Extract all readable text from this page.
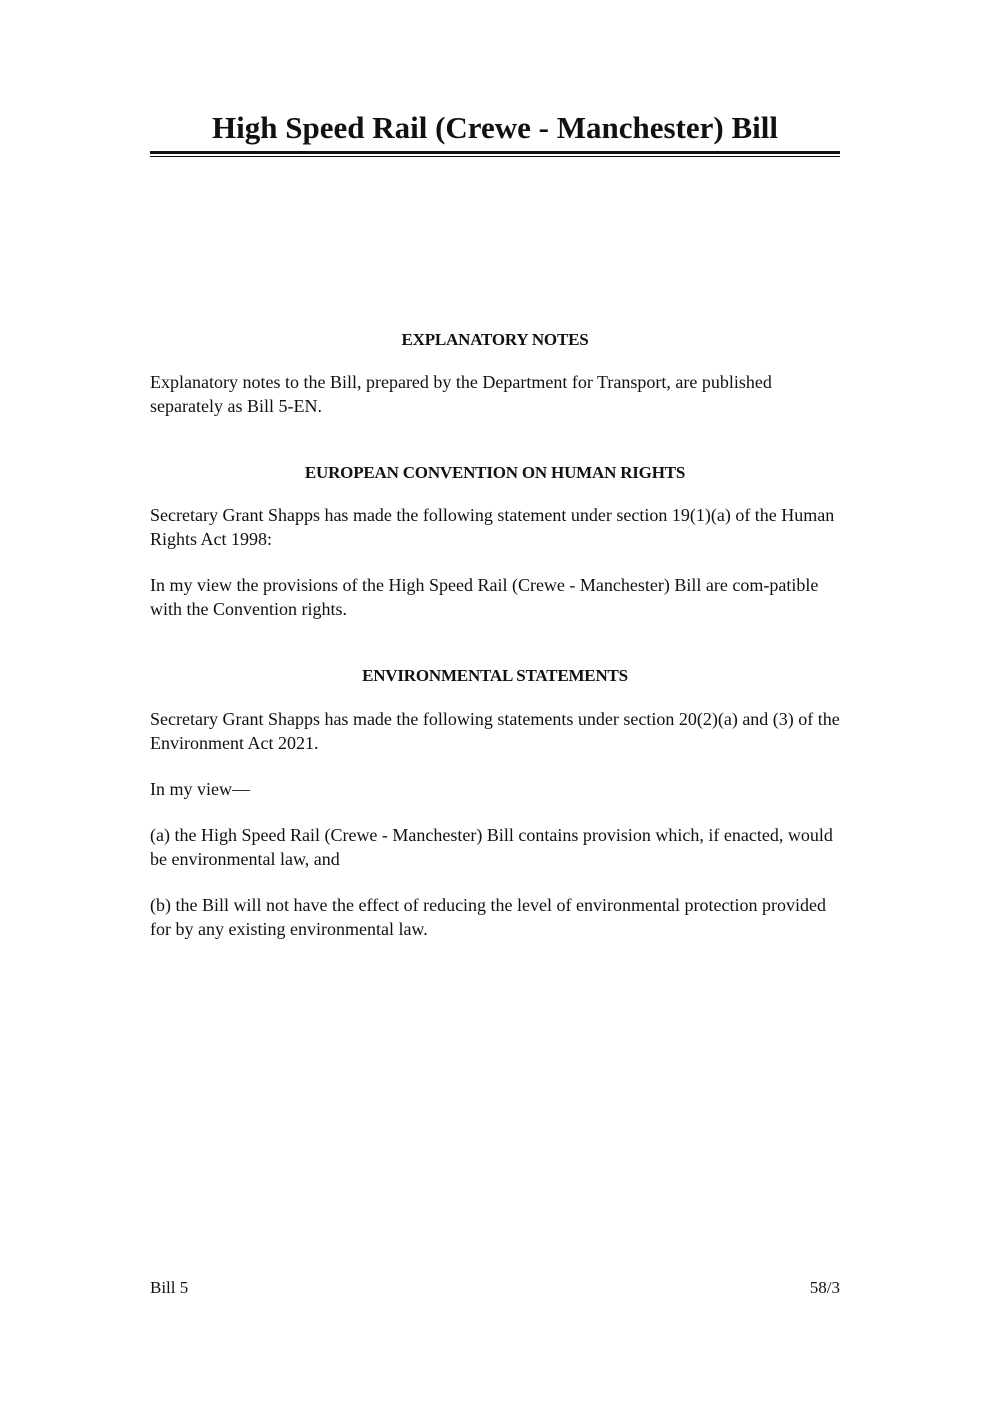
High Speed Rail (Crewe - Manchester) Bill
EXPLANATORY NOTES

Explanatory notes to the Bill, prepared by the Department for Transport, are published separately as Bill 5-EN.

EUROPEAN CONVENTION ON HUMAN RIGHTS

Secretary Grant Shapps has made the following statement under section 19(1)(a) of the Human Rights Act 1998:

In my view the provisions of the High Speed Rail (Crewe - Manchester) Bill are com-patible with the Convention rights.

ENVIRONMENTAL STATEMENTS

Secretary Grant Shapps has made the following statements under section 20(2)(a) and (3) of the Environment Act 2021.

In my view—

(a) the High Speed Rail (Crewe - Manchester) Bill contains provision which, if enacted, would be environmental law, and

(b) the Bill will not have the effect of reducing the level of environmental protection provided for by any existing environmental law.

Bill 5	58/3
